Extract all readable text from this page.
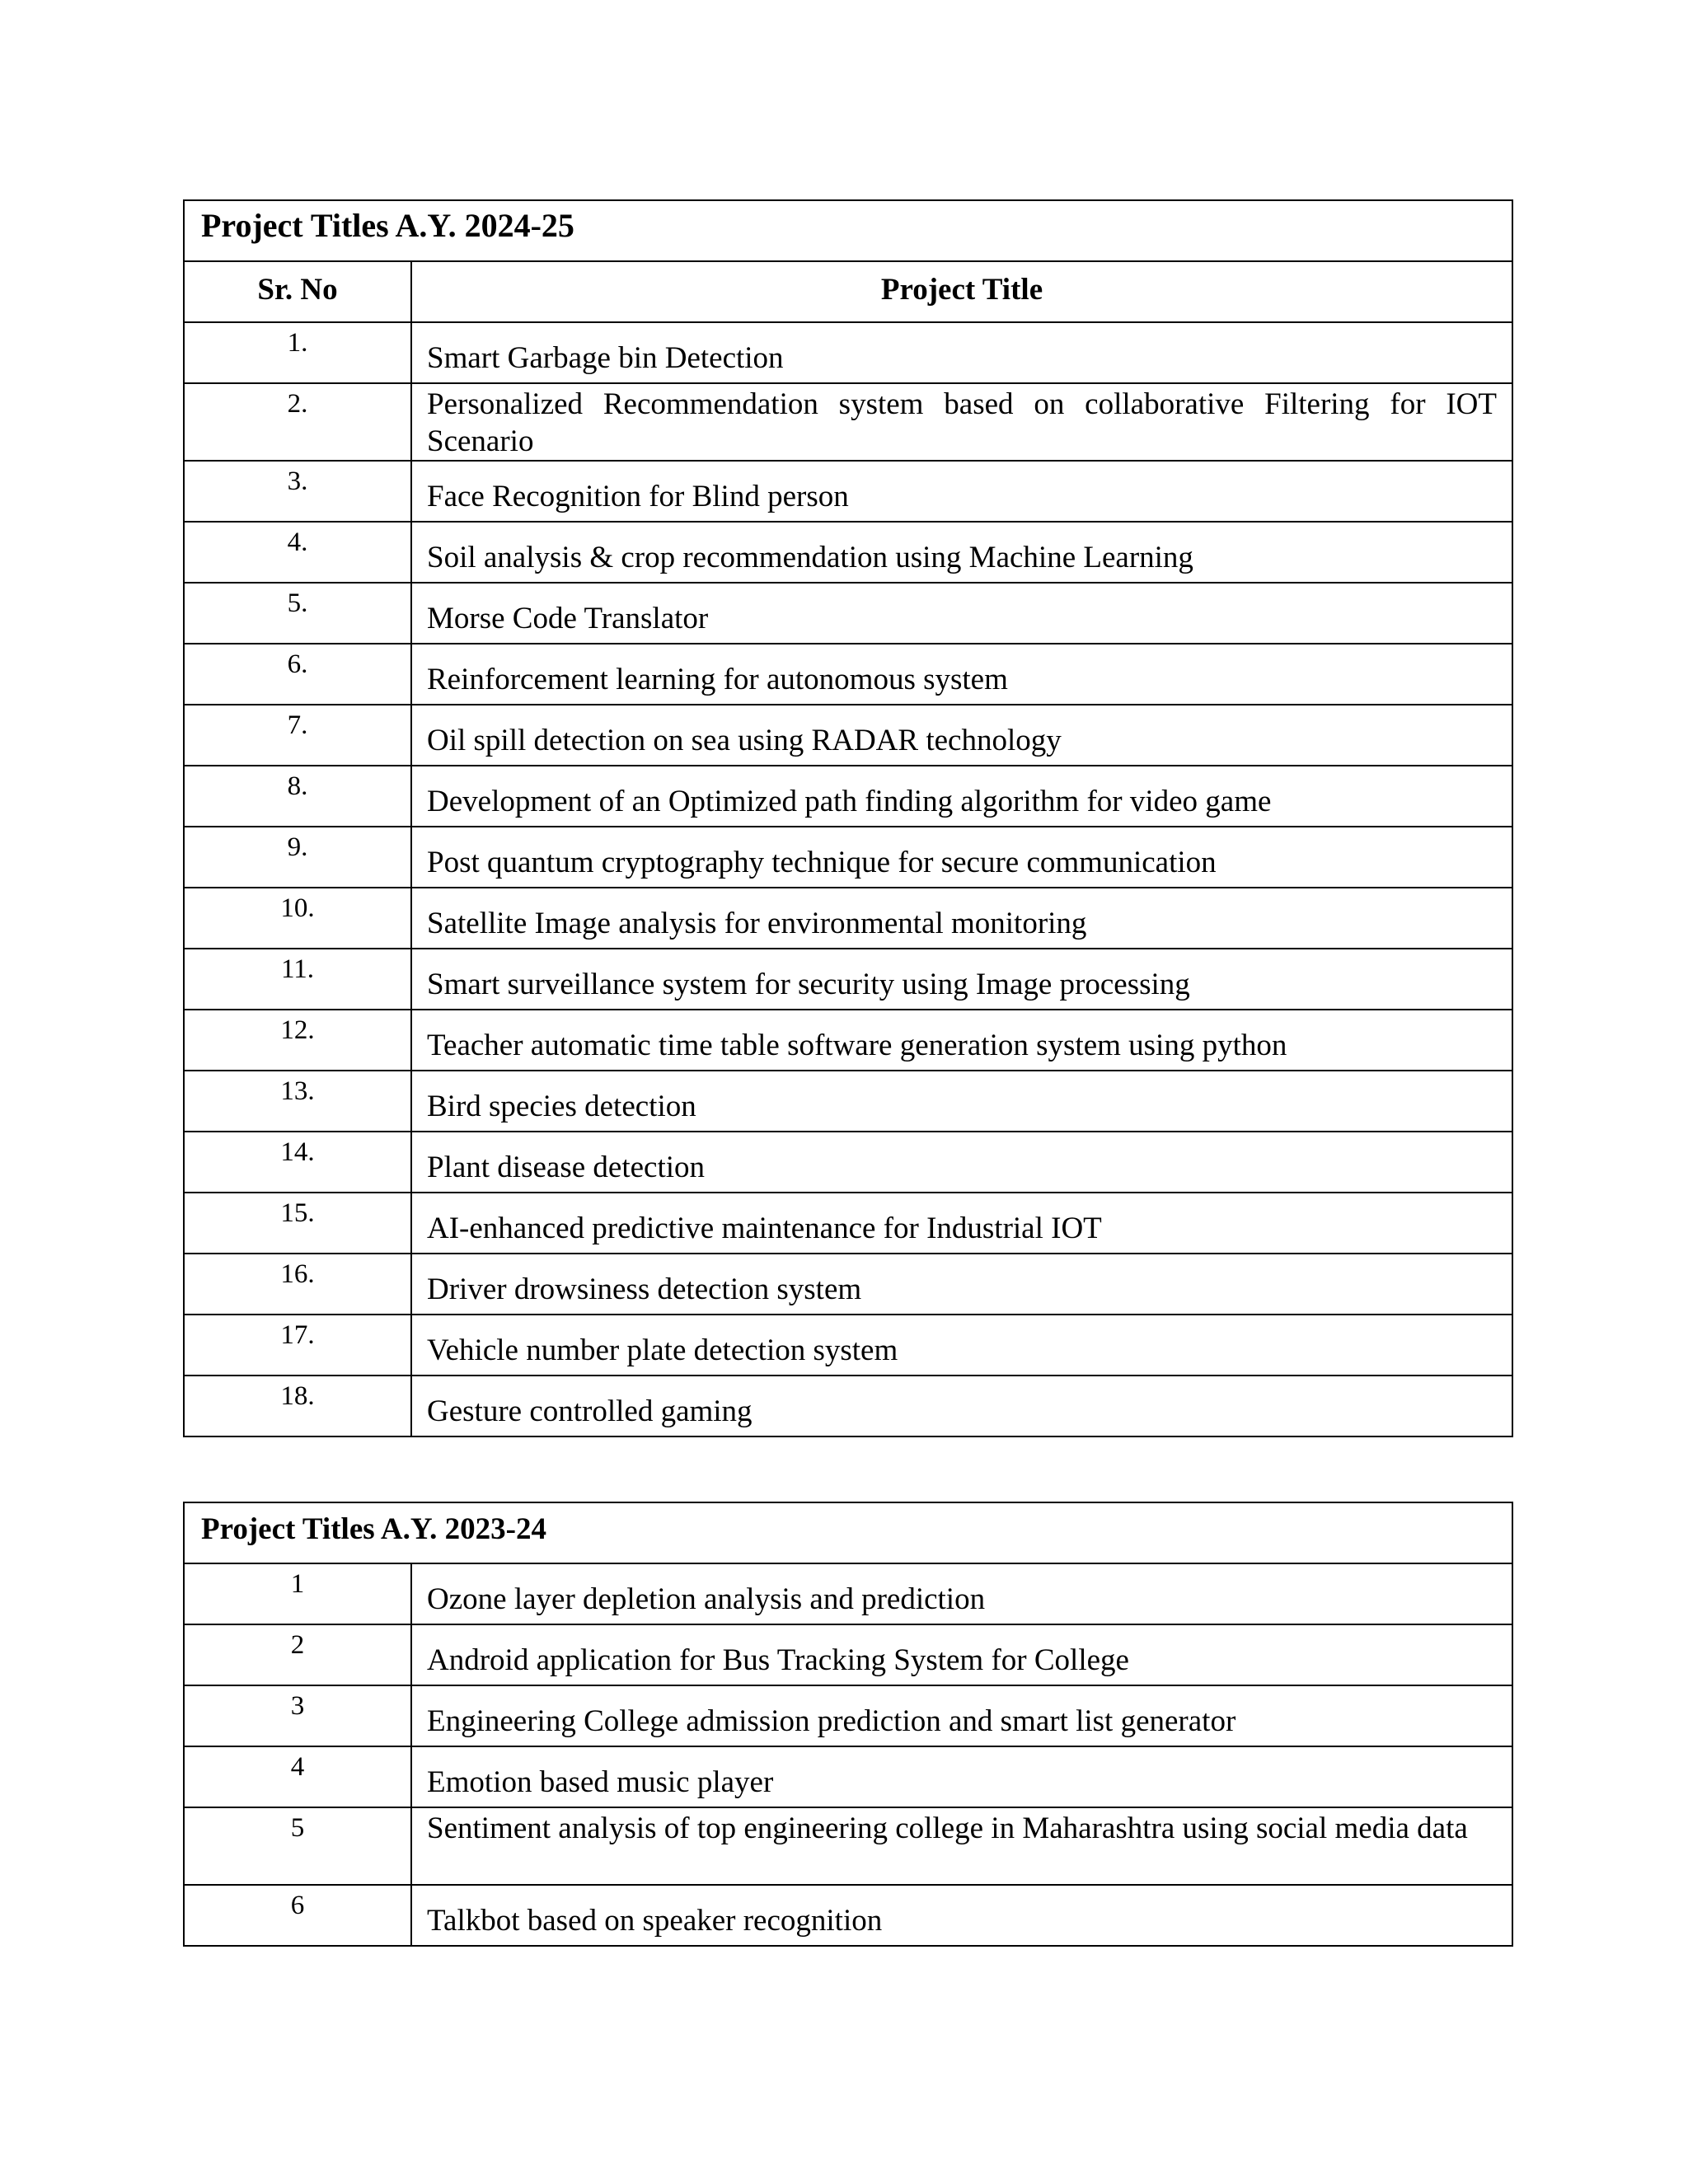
Project Titles A.Y. 2024-25	
Sr. No	Project Title
1.	Smart Garbage bin Detection
2.	Personalized Recommendation system based on collaborative Filtering for IOT Scenario
3.	Face Recognition for Blind person
4.	Soil analysis & crop recommendation using Machine Learning
5.	Morse Code Translator
6.	Reinforcement learning for autonomous system
7.	Oil spill detection on sea using RADAR technology
8.	Development of an Optimized path finding algorithm for video game
9.	Post quantum cryptography technique for secure communication
10.	Satellite Image analysis for environmental monitoring
11.	Smart surveillance system for security using Image processing
12.	Teacher automatic time table software generation system using python
13.	Bird species detection
14.	Plant disease detection
15.	AI-enhanced predictive maintenance for Industrial IOT
16.	Driver drowsiness detection system
17.	Vehicle number plate detection system
18.	Gesture controlled gaming
Project Titles A.Y. 2023-24	
1	Ozone layer depletion analysis and prediction
2	Android application for Bus Tracking System for College
3	Engineering College admission prediction and smart list generator
4	Emotion based music player
5	Sentiment analysis of top engineering college in Maharashtra using social media data
6	Talkbot based on speaker recognition
